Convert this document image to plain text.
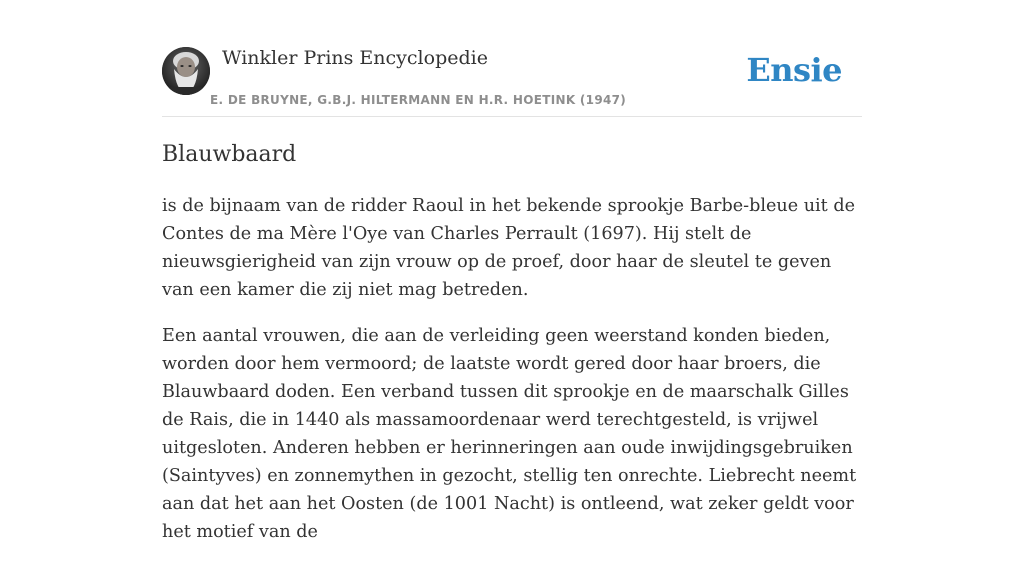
Winkler Prins Encyclopedie
E. DE BRUYNE, G.B.J. HILTERMANN EN H.R. HOETINK (1947)
Ensie
Blauwbaard

is de bijnaam van de ridder Raoul in het bekende sprookje Barbe-bleue uit de Contes de ma Mère l'Oye van Charles Perrault (1697). Hij stelt de nieuwsgierigheid van zijn vrouw op de proef, door haar de sleutel te geven van een kamer die zij niet mag betreden.

Een aantal vrouwen, die aan de verleiding geen weerstand konden bieden, worden door hem vermoord; de laatste wordt gered door haar broers, die Blauwbaard doden. Een verband tussen dit sprookje en de maarschalk Gilles de Rais, die in 1440 als massamoordenaar werd terechtgesteld, is vrijwel uitgesloten. Anderen hebben er herinneringen aan oude inwijdingsgebruiken (Saintyves) en zonnemythen in gezocht, stellig ten onrechte. Liebrecht neemt aan dat het aan het Oosten (de 1001 Nacht) is ontleend, wat zeker geldt voor het motief van de
